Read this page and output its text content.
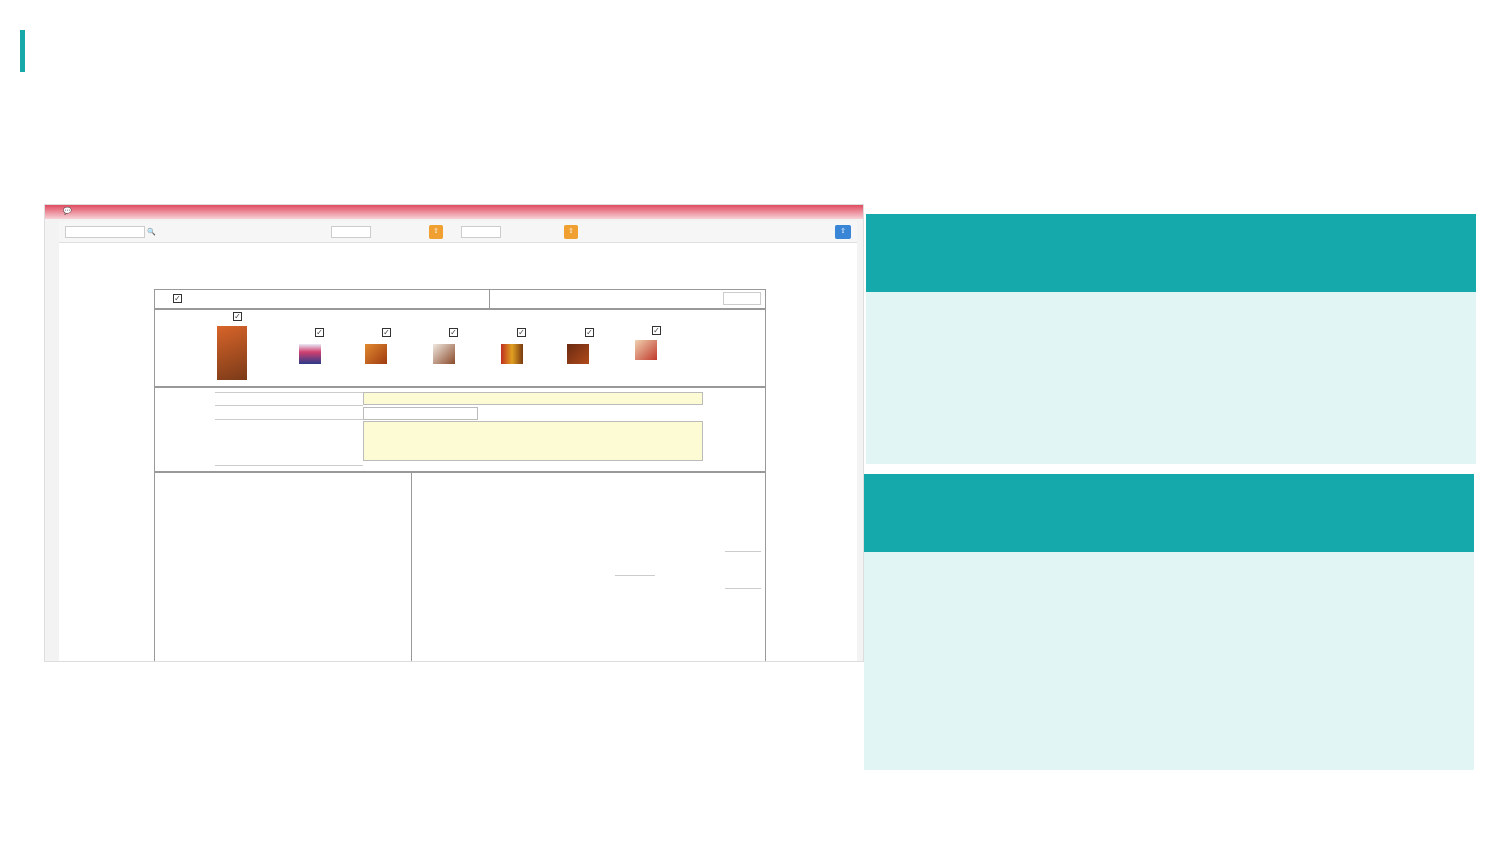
💬
🔍	⇧	⇧	⇧
✓
✓
✓	✓	✓	✓	✓	✓
